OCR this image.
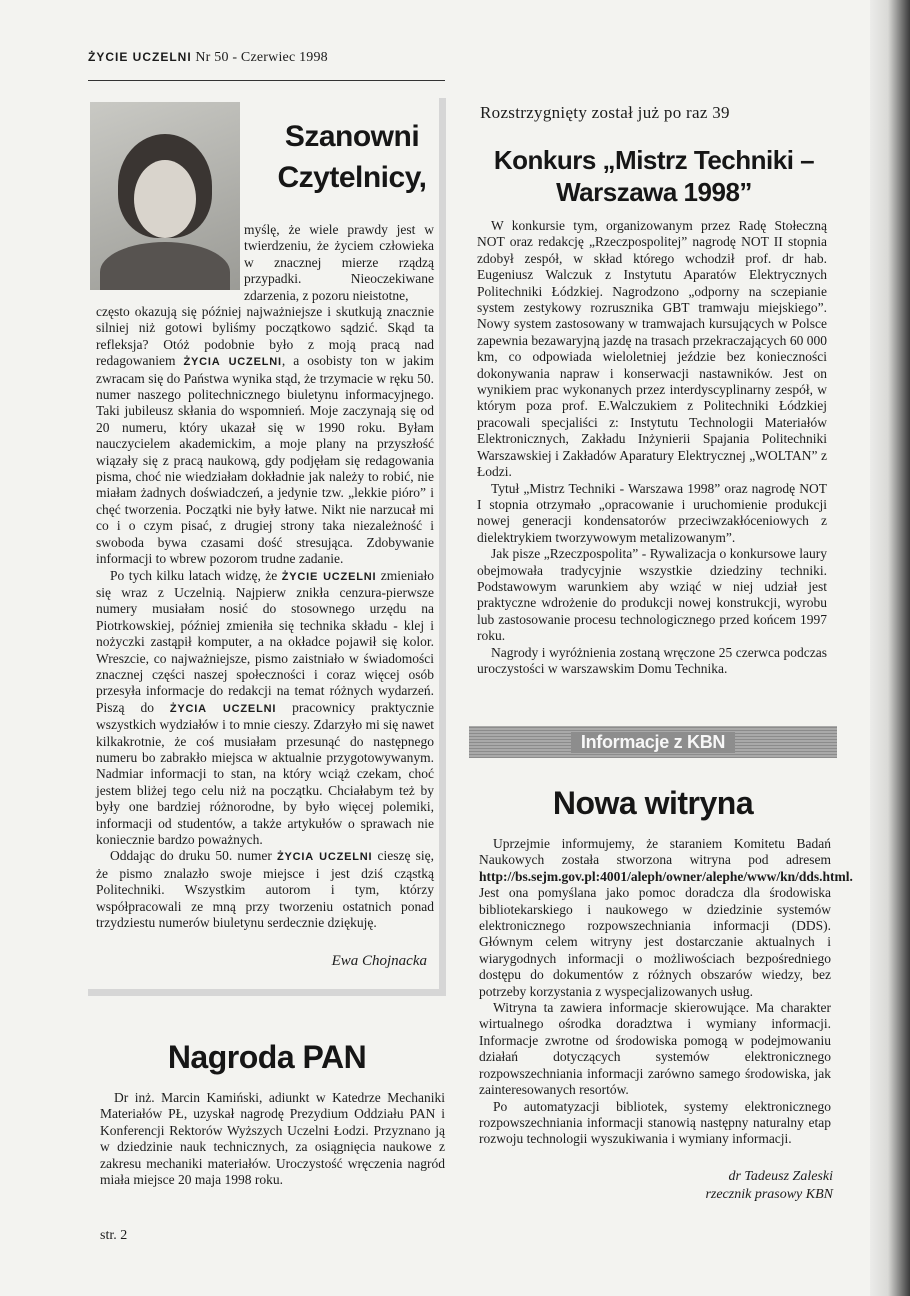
ŻYCIE UCZELNI Nr 50 - Czerwiec 1998
Szanowni
Czytelnicy,

myślę, że wiele prawdy jest w twierdzeniu, że życiem człowieka w znacznej mierze rządzą przypadki. Nieoczekiwane zdarzenia, z pozoru nieistotne,

często okazują się później najważniejsze i skutkują znacznie silniej niż gotowi byliśmy początkowo sądzić. Skąd ta refleksja? Otóż podobnie było z moją pracą nad redagowaniem ŻYCIA UCZELNI, a osobisty ton w jakim zwracam się do Państwa wynika stąd, że trzymacie w ręku 50. numer naszego politechnicznego biuletynu informacyjnego. Taki jubileusz skłania do wspomnień. Moje zaczynają się od 20 numeru, który ukazał się w 1990 roku. Byłam nauczycielem akademickim, a moje plany na przyszłość wiązały się z pracą naukową, gdy podjęłam się redagowania pisma, choć nie wiedziałam dokładnie jak należy to robić, nie miałam żadnych doświadczeń, a jedynie tzw. „lekkie pióro” i chęć tworzenia. Początki nie były łatwe. Nikt nie narzucał mi co i o czym pisać, z drugiej strony taka niezależność i swoboda bywa czasami dość stresująca. Zdobywanie informacji to wbrew pozorom trudne zadanie.

Po tych kilku latach widzę, że ŻYCIE UCZELNI zmieniało się wraz z Uczelnią. Najpierw znikła cenzura-pierwsze numery musiałam nosić do stosownego urzędu na Piotrkowskiej, później zmieniła się technika składu - klej i nożyczki zastąpił komputer, a na okładce pojawił się kolor. Wreszcie, co najważniejsze, pismo zaistniało w świadomości znacznej części naszej społeczności i coraz więcej osób przesyła informacje do redakcji na temat różnych wydarzeń. Piszą do ŻYCIA UCZELNI pracownicy praktycznie wszystkich wydziałów i to mnie cieszy. Zdarzyło mi się nawet kilkakrotnie, że coś musiałam przesunąć do następnego numeru bo zabrakło miejsca w aktualnie przygotowywanym. Nadmiar informacji to stan, na który wciąż czekam, choć jestem bliżej tego celu niż na początku. Chciałabym też by były one bardziej różnorodne, by było więcej polemiki, informacji od studentów, a także artykułów o sprawach nie koniecznie bardzo poważnych.

Oddając do druku 50. numer ŻYCIA UCZELNI cieszę się, że pismo znalazło swoje miejsce i jest dziś cząstką Politechniki. Wszystkim autorom i tym, którzy współpracowali ze mną przy tworzeniu ostatnich ponad trzydziestu numerów biuletynu serdecznie dziękuję.

Ewa Chojnacka
Nagroda PAN

Dr inż. Marcin Kamiński, adiunkt w Katedrze Mechaniki Materiałów PŁ, uzyskał nagrodę Prezydium Oddziału PAN i Konferencji Rektorów Wyższych Uczelni Łodzi. Przyznano ją w dziedzinie nauk technicznych, za osiągnięcia naukowe z zakresu mechaniki materiałów. Uroczystość wręczenia nagród miała miejsce 20 maja 1998 roku.

str. 2
Rozstrzygnięty został już po raz 39
Konkurs „Mistrz Techniki –
Warszawa 1998”

W konkursie tym, organizowanym przez Radę Stołeczną NOT oraz redakcję „Rzeczpospolitej” nagrodę NOT II stopnia zdobył zespół, w skład którego wchodził prof. dr hab. Eugeniusz Walczuk z Instytutu Aparatów Elektrycznych Politechniki Łódzkiej. Nagrodzono „odporny na sczepianie system zestykowy rozrusznika GBT tramwaju miejskiego”. Nowy system zastosowany w tramwajach kursujących w Polsce zapewnia bezawaryjną jazdę na trasach przekraczających 60 000 km, co odpowiada wieloletniej jeździe bez konieczności dokonywania napraw i konserwacji nastawników. Jest on wynikiem prac wykonanych przez interdyscyplinarny zespół, w którym poza prof. E.Walczukiem z Politechniki Łódzkiej pracowali specjaliści z: Instytutu Technologii Materiałów Elektronicznych, Zakładu Inżynierii Spajania Politechniki Warszawskiej i Zakładów Aparatury Elektrycznej „WOLTAN” z Łodzi.

Tytuł „Mistrz Techniki - Warszawa 1998” oraz nagrodę NOT I stopnia otrzymało „opracowanie i uruchomienie produkcji nowej generacji kondensatorów przeciwzakłóceniowych z dielektrykiem tworzywowym metalizowanym”.

Jak pisze „Rzeczpospolita” - Rywalizacja o konkursowe laury obejmowała tradycyjnie wszystkie dziedziny techniki. Podstawowym warunkiem aby wziąć w niej udział jest praktyczne wdrożenie do produkcji nowej konstrukcji, wyrobu lub zastosowanie procesu technologicznego przed końcem 1997 roku.

Nagrody i wyróżnienia zostaną wręczone 25 czerwca podczas uroczystości w warszawskim Domu Technika.

Informacje z KBN
Nowa witryna

Uprzejmie informujemy, że staraniem Komitetu Badań Naukowych została stworzona witryna pod adresem http://bs.sejm.gov.pl:4001/aleph/owner/alephe/www/kn/dds.html. Jest ona pomyślana jako pomoc doradcza dla środowiska bibliotekarskiego i naukowego w dziedzinie systemów elektronicznego rozpowszechniania informacji (DDS). Głównym celem witryny jest dostarczanie aktualnych i wiarygodnych informacji o możliwościach bezpośredniego dostępu do dokumentów z różnych obszarów wiedzy, bez potrzeby korzystania z wyspecjalizowanych usług.

Witryna ta zawiera informacje skierowujące. Ma charakter wirtualnego ośrodka doradztwa i wymiany informacji. Informacje zwrotne od środowiska pomogą w podejmowaniu działań dotyczących systemów elektronicznego rozpowszechniania informacji zarówno samego środowiska, jak zainteresowanych resortów.

Po automatyzacji bibliotek, systemy elektronicznego rozpowszechniania informacji stanowią następny naturalny etap rozwoju technologii wyszukiwania i wymiany informacji.

dr Tadeusz Zaleski
rzecznik prasowy KBN
